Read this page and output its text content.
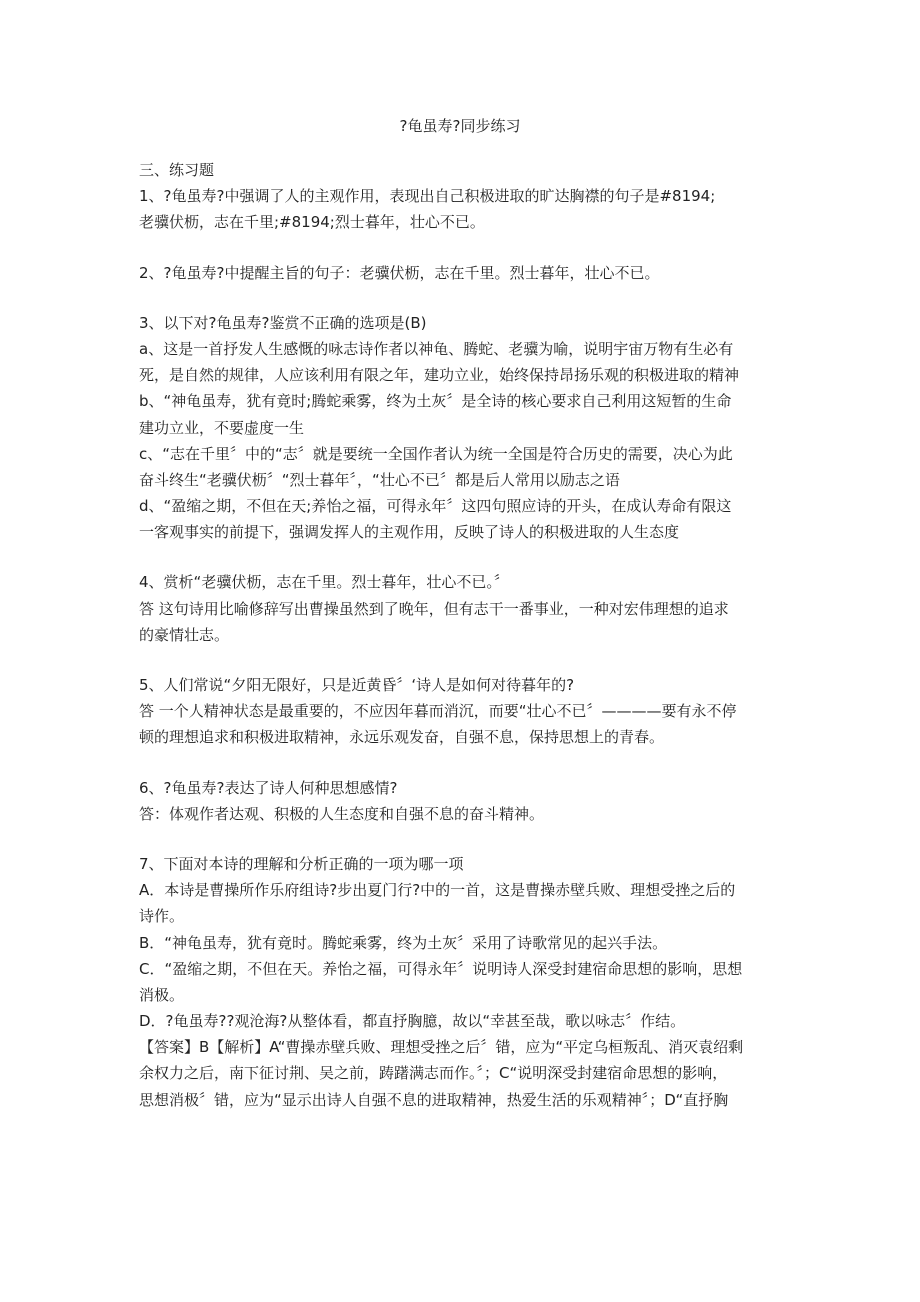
?龟虽寿?同步练习
三、练习题
1、?龟虽寿?中强调了人的主观作用，表现出自己积极进取的旷达胸襟的句子是#8194;
老骥伏枥，志在千里;#8194;烈士暮年，壮心不已。
2、?龟虽寿?中提醒主旨的句子：老骥伏枥，志在千里。烈士暮年，壮心不已。
3、以下对?龟虽寿?鉴赏不正确的选项是(B)
a、这是一首抒发人生感慨的咏志诗作者以神龟、腾蛇、老骥为喻，说明宇宙万物有生必有
死，是自然的规律，人应该利用有限之年，建功立业，始终保持昂扬乐观的积极进取的精神
b、“神龟虽寿，犹有竟时;腾蛇乘雾，终为土灰〞是全诗的核心要求自己利用这短暂的生命
建功立业，不要虚度一生
c、“志在千里〞中的“志〞就是要统一全国作者认为统一全国是符合历史的需要，决心为此
奋斗终生“老骥伏枥〞“烈士暮年〞，“壮心不已〞都是后人常用以励志之语
d、“盈缩之期，不但在天;养怡之福，可得永年〞这四句照应诗的开头，在成认寿命有限这
一客观事实的前提下，强调发挥人的主观作用，反映了诗人的积极进取的人生态度
4、赏析“老骥伏枥，志在千里。烈士暮年，壮心不已。〞
答 这句诗用比喻修辞写出曹操虽然到了晚年，但有志干一番事业，一种对宏伟理想的追求
的豪情壮志。
5、人们常说“夕阳无限好，只是近黄昏〞‘诗人是如何对待暮年的?
答 一个人精神状态是最重要的，不应因年暮而消沉，而要“壮心不已〞————要有永不停
顿的理想追求和积极进取精神，永远乐观发奋，自强不息，保持思想上的青春。
6、?龟虽寿?表达了诗人何种思想感情?
答：体观作者达观、积极的人生态度和自强不息的奋斗精神。
7、下面对本诗的理解和分析正确的一项为哪一项
A．本诗是曹操所作乐府组诗?步出夏门行?中的一首，这是曹操赤壁兵败、理想受挫之后的
诗作。
B．“神龟虽寿，犹有竟时。腾蛇乘雾，终为土灰〞采用了诗歌常见的起兴手法。
C．“盈缩之期，不但在天。养怡之福，可得永年〞说明诗人深受封建宿命思想的影响，思想
消极。
D．?龟虽寿??观沧海?从整体看，都直抒胸臆，故以“幸甚至哉，歌以咏志〞作结。
【答案】B【解析】A“曹操赤壁兵败、理想受挫之后〞错，应为“平定乌桓叛乱、消灭袁绍剩
余权力之后，南下征讨荆、吴之前，踌躇满志而作。〞；C“说明深受封建宿命思想的影响，
思想消极〞错，应为“显示出诗人自强不息的进取精神，热爱生活的乐观精神〞；D“直抒胸
